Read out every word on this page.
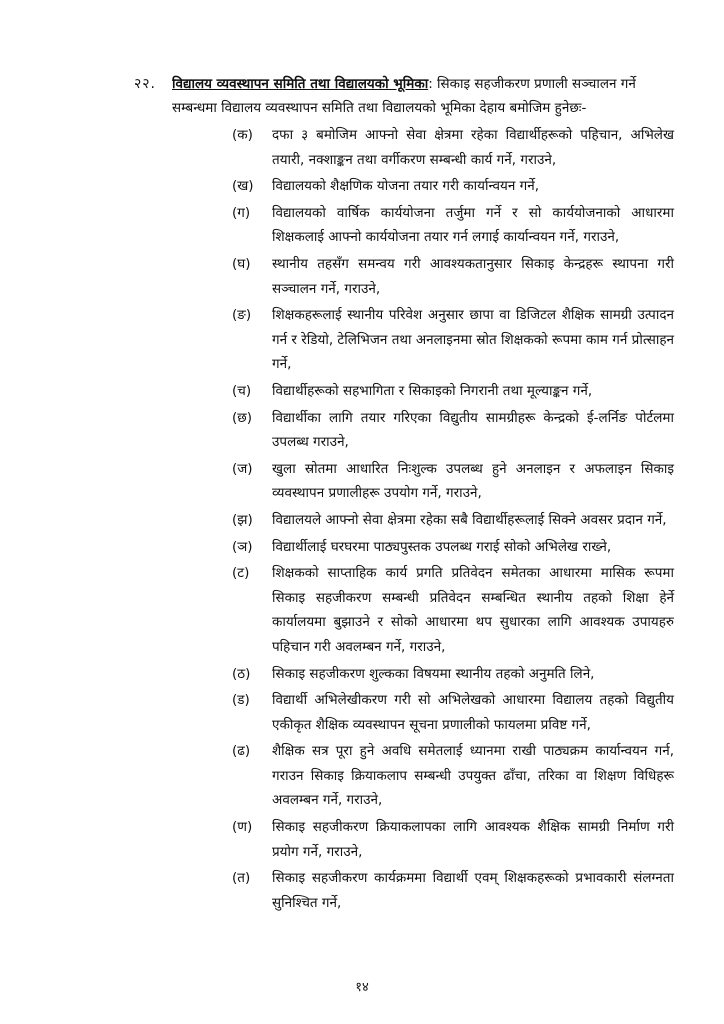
२२. विद्यालय व्यवस्थापन समिति तथा विद्यालयको भूमिका: सिकाइ सहजीकरण प्रणाली सञ्चालन गर्ने
सम्बन्धमा विद्यालय व्यवस्थापन समिति तथा विद्यालयको भूमिका देहाय बमोजिम हुनेछः-
(क)	दफा ३ बमोजिम आफ्नो सेवा क्षेत्रमा रहेका विद्यार्थीहरूको पहिचान, अभिलेख तयारी, नक्शाङ्कन तथा वर्गीकरण सम्बन्धी कार्य गर्ने, गराउने,
(ख)	विद्यालयको शैक्षणिक योजना तयार गरी कार्यान्वयन गर्ने,
(ग)	विद्यालयको वार्षिक कार्ययोजना तर्जुमा गर्ने र सो कार्ययोजनाको आधारमा शिक्षकलाई आफ्नो कार्ययोजना तयार गर्न लगाई कार्यान्वयन गर्ने, गराउने,
(घ)	स्थानीय तहसँग समन्वय गरी आवश्यकतानुसार सिकाइ केन्द्रहरू स्थापना गरी सञ्चालन गर्ने, गराउने,
(ङ)	शिक्षकहरूलाई स्थानीय परिवेश अनुसार छापा वा डिजिटल शैक्षिक सामग्री उत्पादन गर्न र रेडियो, टेलिभिजन तथा अनलाइनमा स्रोत शिक्षकको रूपमा काम गर्न प्रोत्साहन गर्ने,
(च)	विद्यार्थीहरूको सहभागिता र सिकाइको निगरानी तथा मूल्याङ्कन गर्ने,
(छ)	विद्यार्थीका लागि तयार गरिएका विद्युतीय सामग्रीहरू केन्द्रको ई-लर्निङ पोर्टलमा उपलब्ध गराउने,
(ज)	खुला स्रोतमा आधारित निःशुल्क उपलब्ध हुने अनलाइन र अफलाइन सिकाइ व्यवस्थापन प्रणालीहरू उपयोग गर्ने, गराउने,
(झ)	विद्यालयले आफ्नो सेवा क्षेत्रमा रहेका सबै विद्यार्थीहरूलाई सिक्ने अवसर प्रदान गर्ने,
(ञ)	विद्यार्थीलाई घरघरमा पाठ्यपुस्तक उपलब्ध गराई सोको अभिलेख राख्ने,
(ट)	शिक्षकको साप्ताहिक कार्य प्रगति प्रतिवेदन समेतका आधारमा मासिक रूपमा सिकाइ सहजीकरण सम्बन्धी प्रतिवेदन सम्बन्धित स्थानीय तहको शिक्षा हेर्ने कार्यालयमा बुझाउने र सोको आधारमा थप सुधारका लागि आवश्यक उपायहरु पहिचान गरी अवलम्बन गर्ने, गराउने,
(ठ)	सिकाइ सहजीकरण शुल्कका विषयमा स्थानीय तहको अनुमति लिने,
(ड)	विद्यार्थी अभिलेखीकरण गरी सो अभिलेखको आधारमा विद्यालय तहको विद्युतीय एकीकृत शैक्षिक व्यवस्थापन सूचना प्रणालीको फायलमा प्रविष्ट गर्ने,
(ढ)	शैक्षिक सत्र पूरा हुने अवधि समेतलाई ध्यानमा राखी पाठ्यक्रम कार्यान्वयन गर्न, गराउन सिकाइ क्रियाकलाप सम्बन्धी उपयुक्त ढाँचा, तरिका वा शिक्षण विधिहरू अवलम्बन गर्ने, गराउने,
(ण)	सिकाइ सहजीकरण क्रियाकलापका लागि आवश्यक शैक्षिक सामग्री निर्माण गरी प्रयोग गर्ने, गराउने,
(त)	सिकाइ सहजीकरण कार्यक्रममा विद्यार्थी एवम् शिक्षकहरूको प्रभावकारी संलग्नता सुनिश्चित गर्ने,
१४
